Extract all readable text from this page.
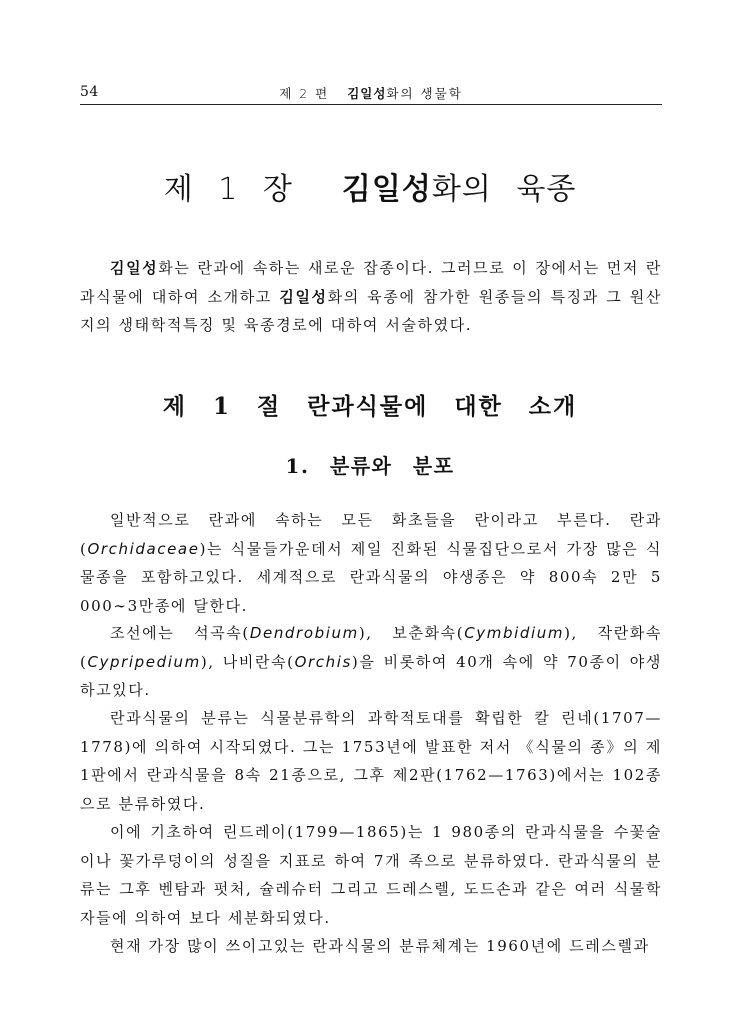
54	제 2 편 김일성화의 생물학
제 1 장 김일성화의 육종

김일성화는 란과에 속하는 새로운 잡종이다. 그러므로 이 장에서는 먼저 란과식물에 대하여 소개하고 김일성화의 육종에 참가한 원종들의 특징과 그 원산지의 생태학적특징 및 육종경로에 대하여 서술하였다.

제 1 절 란과식물에 대한 소개
1. 분류와 분포

일반적으로 란과에 속하는 모든 화초들을 란이라고 부른다. 란과(Orchidaceae)는 식물들가운데서 제일 진화된 식물집단으로서 가장 많은 식물종을 포함하고있다. 세계적으로 란과식물의 야생종은 약 800속 2만 5 000∼3만종에 달한다.

조선에는 석곡속(Dendrobium), 보춘화속(Cymbidium), 작란화속(Cypripedium), 나비란속(Orchis)을 비롯하여 40개 속에 약 70종이 야생하고있다.

란과식물의 분류는 식물분류학의 과학적토대를 확립한 칼 린네(1707—1778)에 의하여 시작되였다. 그는 1753년에 발표한 저서 《식물의 종》의 제1판에서 란과식물을 8속 21종으로, 그후 제2판(1762—1763)에서는 102종으로 분류하였다.

이에 기초하여 린드레이(1799—1865)는 1 980종의 란과식물을 수꽃술이나 꽃가루덩이의 성질을 지표로 하여 7개 족으로 분류하였다. 란과식물의 분류는 그후 벤탐과 펏처, 슐레슈터 그리고 드레스렐, 도드손과 같은 여러 식물학자들에 의하여 보다 세분화되였다.

현재 가장 많이 쓰이고있는 란과식물의 분류체계는 1960년에 드레스렐과
